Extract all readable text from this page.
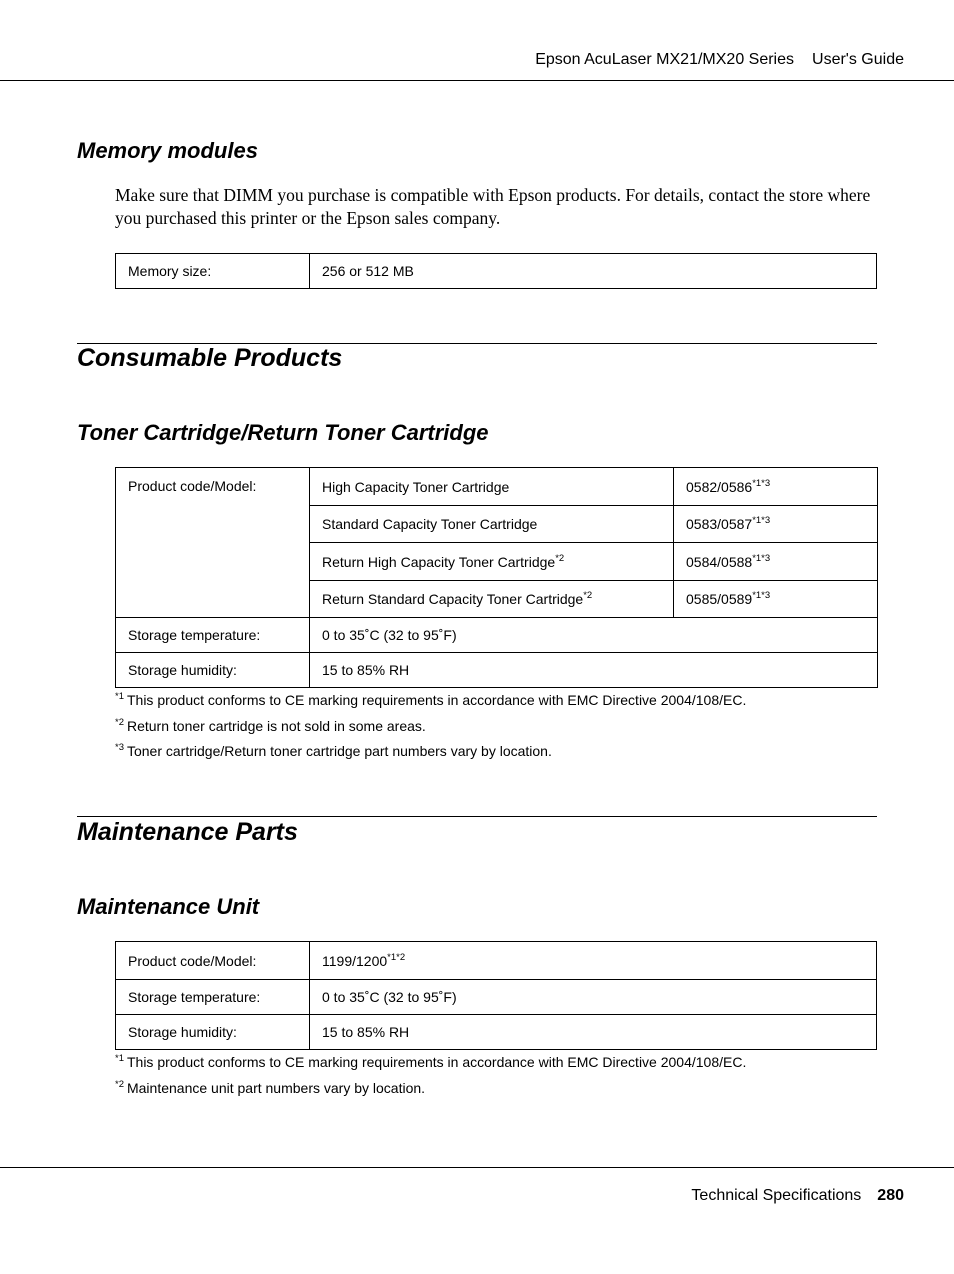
Epson AcuLaser MX21/MX20 Series User's Guide
Memory modules

Make sure that DIMM you purchase is compatible with Epson products. For details, contact the store where you purchased this printer or the Epson sales company.

Memory size:	256 or 512 MB
Consumable Products
Toner Cartridge/Return Toner Cartridge
Product code/Model:	High Capacity Toner Cartridge	$0582/0586^{*1*3}$
	Standard Capacity Toner Cartridge	$0583/0587^{*1*3}$
	Return High Capacity Toner Cartridge$^{*2}$	$0584/0588^{*1*3}$
	Return Standard Capacity Toner Cartridge$^{*2}$	$0585/0589^{*1*3}$
Storage temperature:	0 to 35˚C (32 to 95˚F)	
Storage humidity:	15 to 85% RH	
$^{*1}$ This product conforms to CE marking requirements in accordance with EMC Directive 2004/108/EC.
$^{*2}$ Return toner cartridge is not sold in some areas.
$^{*3}$ Toner cartridge/Return toner cartridge part numbers vary by location.
Maintenance Parts
Maintenance Unit
Product code/Model:	$1199/1200^{*1*2}$
Storage temperature:	0 to 35˚C (32 to 95˚F)
Storage humidity:	15 to 85% RH
$^{*1}$ This product conforms to CE marking requirements in accordance with EMC Directive 2004/108/EC.
$^{*2}$ Maintenance unit part numbers vary by location.
Technical Specifications 280
